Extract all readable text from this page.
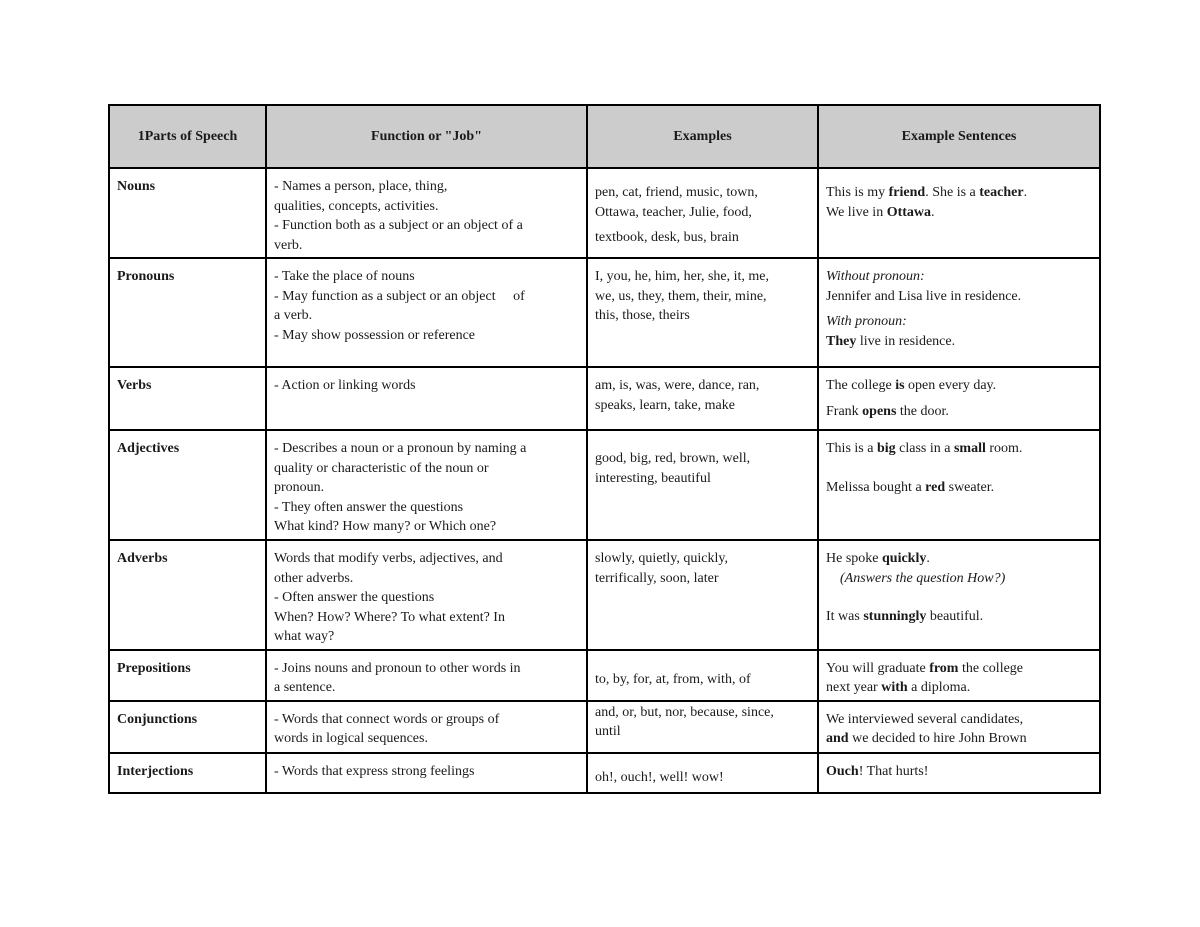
1Parts of Speech	Function or "Job"	Examples	Example Sentences
Nouns	- Names a person, place, thing,
qualities, concepts, activities.
- Function both as a subject or an object of a
verb.	pen, cat, friend, music, town,
Ottawa, teacher, Julie, food,
textbook, desk, bus, brain	This is my friend. She is a teacher.
We live in Ottawa.

Pronouns	- Take the place of nouns
- May function as a subject or an object     of
a verb.
- May show possession or reference	I, you, he, him, her, she, it, me,
we, us, they, them, their, mine,
this, those, theirs	Without pronoun:
Jennifer and Lisa live in residence.
With pronoun:
They live in residence.

Verbs	- Action or linking words	am, is, was, were, dance, ran,
speaks, learn, take, make	The college is open every day.
Frank opens the door.

Adjectives	- Describes a noun or a pronoun by naming a
quality or characteristic of the noun or
pronoun.
- They often answer the questions
What kind? How many? or Which one?	good, big, red, brown, well,
interesting, beautiful	This is a big class in a small room.
Melissa bought a red sweater.

Adverbs	Words that modify verbs, adjectives, and
other adverbs.
- Often answer the questions
When? How? Where? To what extent? In
what way?	slowly, quietly, quickly,
terrifically, soon, later	He spoke quickly.
(Answers the question How?)
It was stunningly beautiful.

Prepositions	- Joins nouns and pronoun to other words in
a sentence.	to, by, for, at, from, with, of	You will graduate from the college
next year with a diploma.

Conjunctions	- Words that connect words or groups of
words in logical sequences.	and, or, but, nor, because, since,
until	We interviewed several candidates,
and we decided to hire John Brown

Interjections	- Words that express strong feelings	oh!, ouch!, well! wow!	Ouch! That hurts!
